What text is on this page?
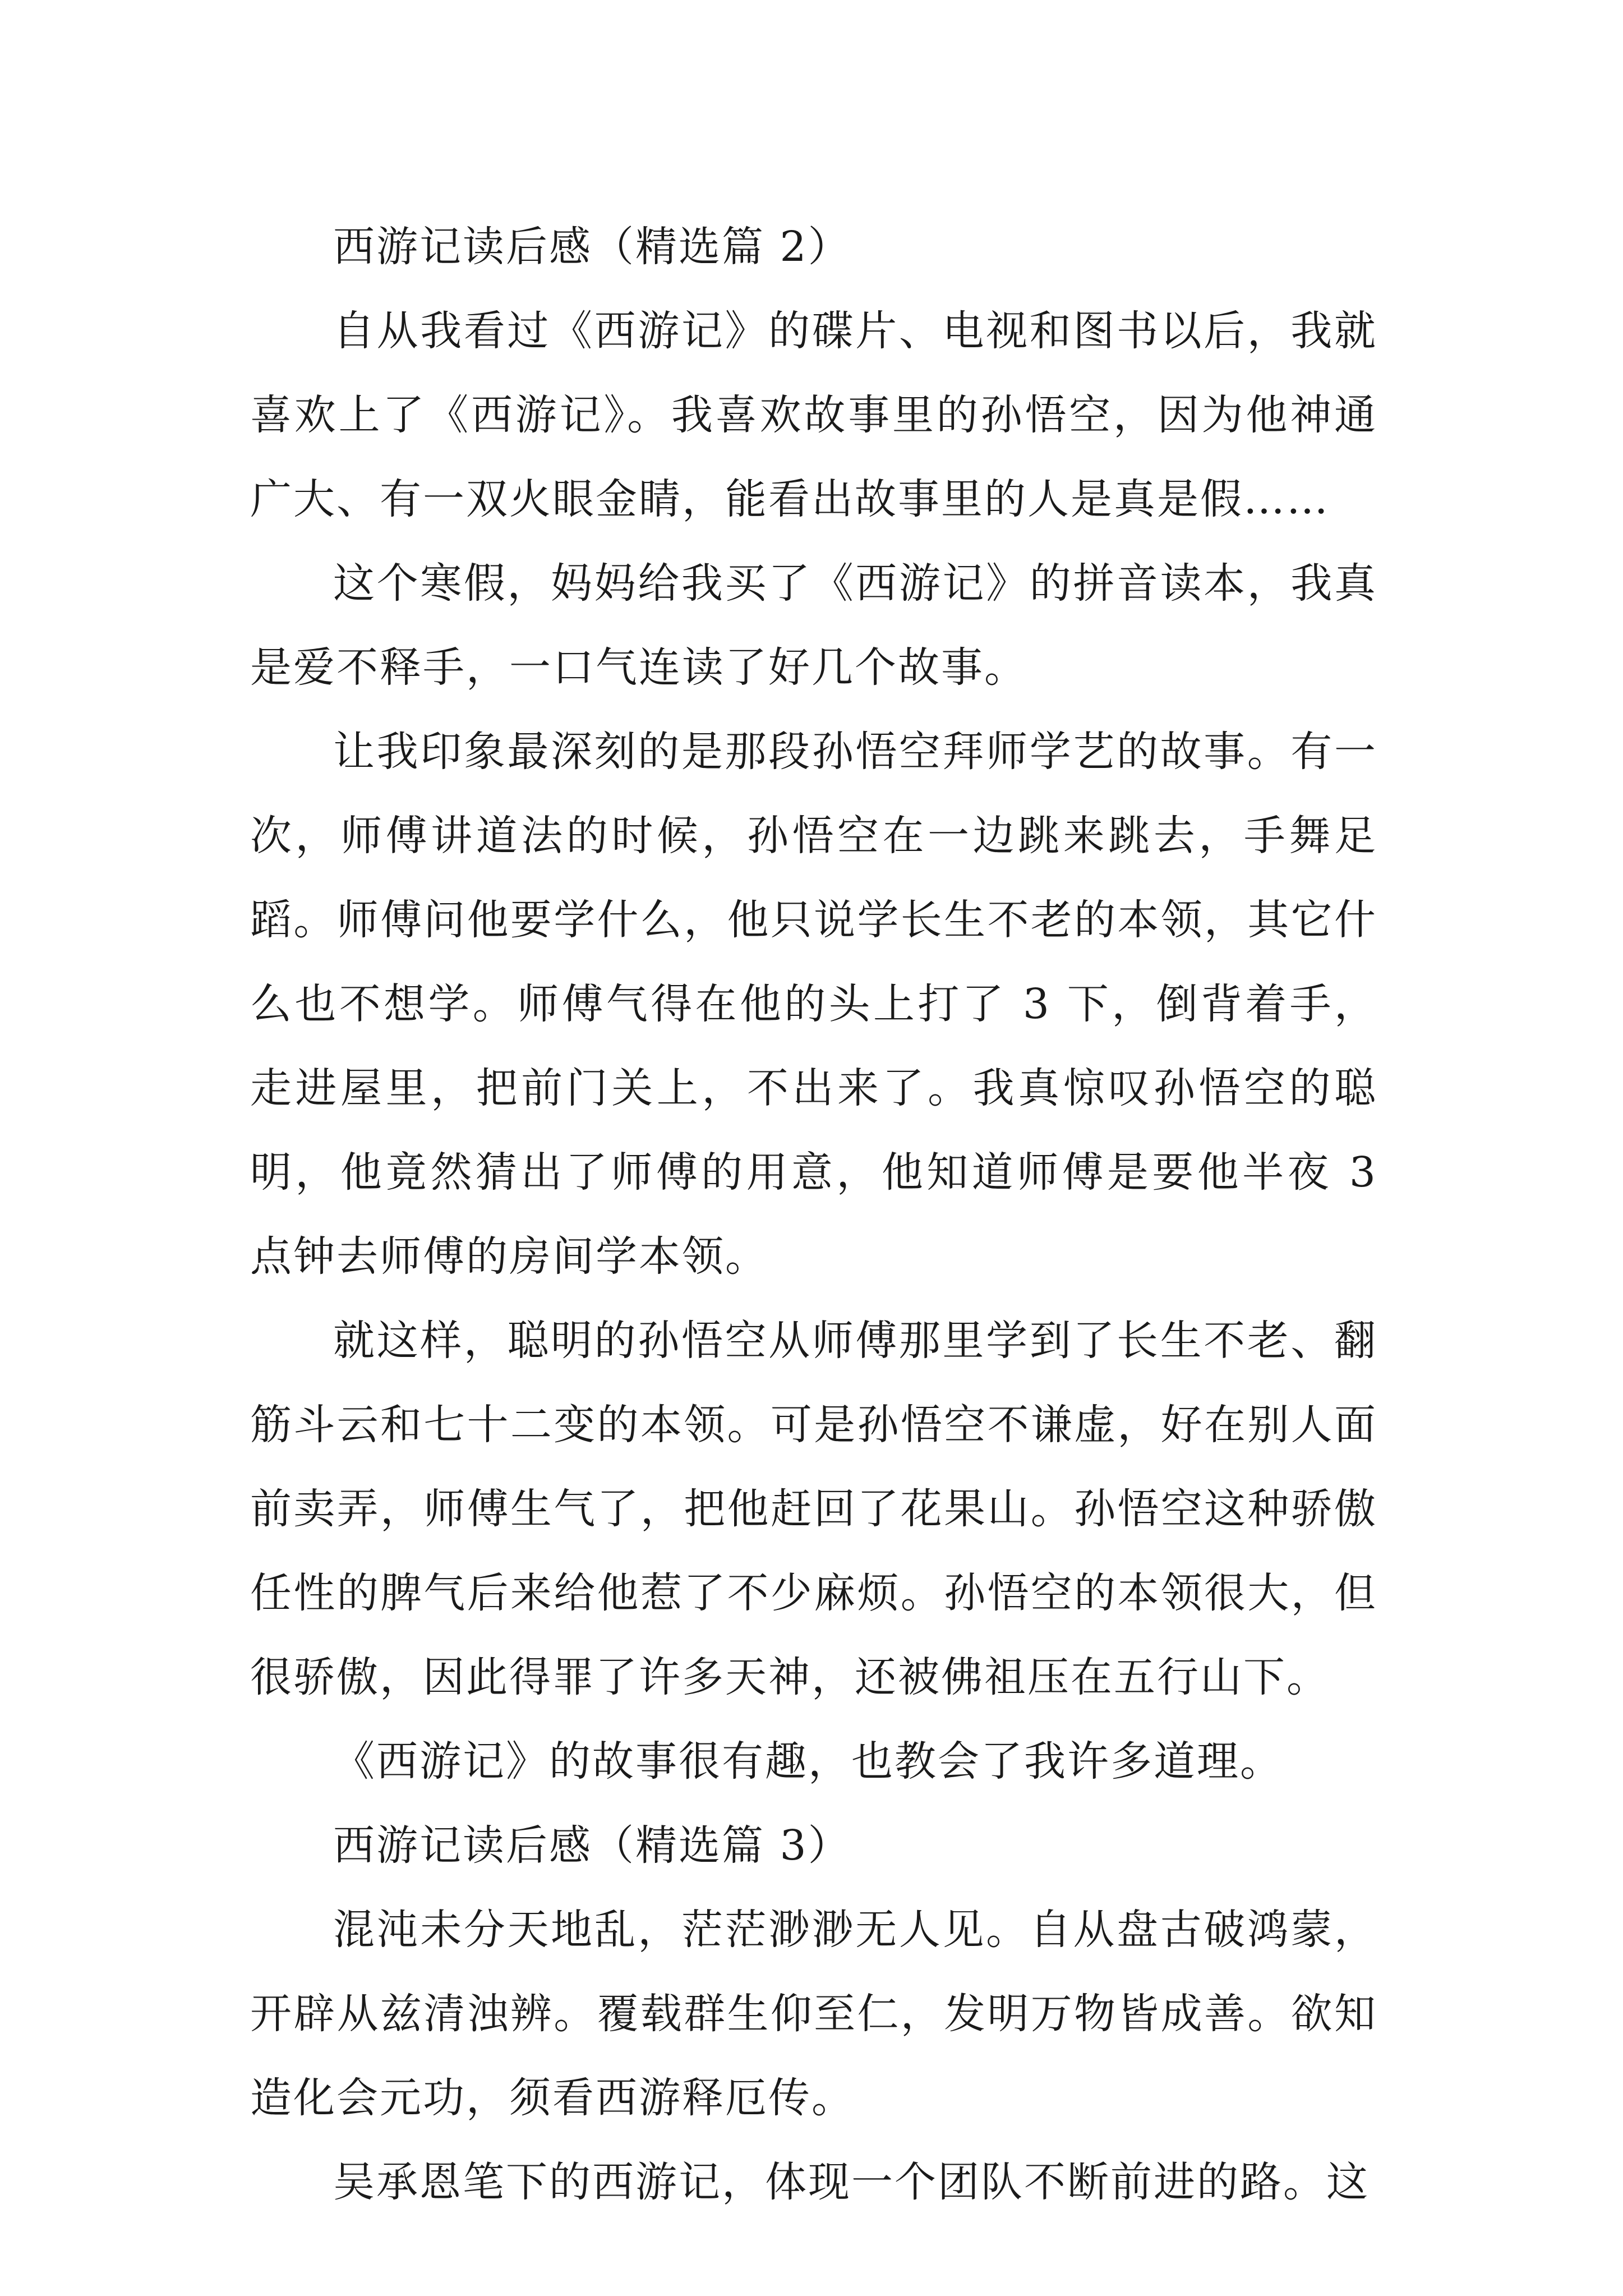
西游记读后感（精选篇 2）

自从我看过《西游记》的碟片、电视和图书以后，我就喜欢上了《西游记》。我喜欢故事里的孙悟空，因为他神通广大、有一双火眼金睛，能看出故事里的人是真是假……

这个寒假，妈妈给我买了《西游记》的拼音读本，我真是爱不释手，一口气连读了好几个故事。

让我印象最深刻的是那段孙悟空拜师学艺的故事。有一次，师傅讲道法的时候，孙悟空在一边跳来跳去，手舞足蹈。师傅问他要学什么，他只说学长生不老的本领，其它什么也不想学。师傅气得在他的头上打了 3 下，倒背着手，走进屋里，把前门关上，不出来了。我真惊叹孙悟空的聪明，他竟然猜出了师傅的用意，他知道师傅是要他半夜 3 点钟去师傅的房间学本领。

就这样，聪明的孙悟空从师傅那里学到了长生不老、翻筋斗云和七十二变的本领。可是孙悟空不谦虚，好在别人面前卖弄，师傅生气了，把他赶回了花果山。孙悟空这种骄傲任性的脾气后来给他惹了不少麻烦。孙悟空的本领很大，但很骄傲，因此得罪了许多天神，还被佛祖压在五行山下。

《西游记》的故事很有趣，也教会了我许多道理。

西游记读后感（精选篇 3）

混沌未分天地乱，茫茫渺渺无人见。自从盘古破鸿蒙，开辟从兹清浊辨。覆载群生仰至仁，发明万物皆成善。欲知造化会元功，须看西游释厄传。

吴承恩笔下的西游记，体现一个团队不断前进的路。这
